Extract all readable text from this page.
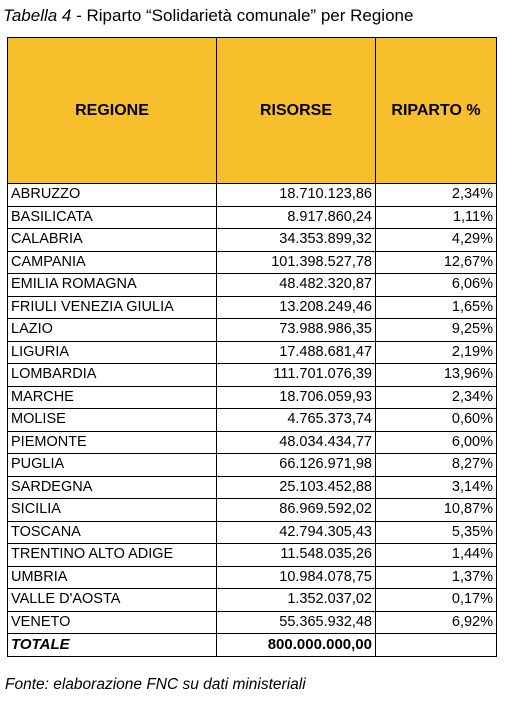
Tabella 4 - Riparto “Solidarietà comunale” per Regione
REGIONE	RISORSE	RIPARTO %
ABRUZZO	18.710.123,86	2,34%
BASILICATA	8.917.860,24	1,11%
CALABRIA	34.353.899,32	4,29%
CAMPANIA	101.398.527,78	12,67%
EMILIA ROMAGNA	48.482.320,87	6,06%
FRIULI VENEZIA GIULIA	13.208.249,46	1,65%
LAZIO	73.988.986,35	9,25%
LIGURIA	17.488.681,47	2,19%
LOMBARDIA	111.701.076,39	13,96%
MARCHE	18.706.059,93	2,34%
MOLISE	4.765.373,74	0,60%
PIEMONTE	48.034.434,77	6,00%
PUGLIA	66.126.971,98	8,27%
SARDEGNA	25.103.452,88	3,14%
SICILIA	86.969.592,02	10,87%
TOSCANA	42.794.305,43	5,35%
TRENTINO ALTO ADIGE	11.548.035,26	1,44%
UMBRIA	10.984.078,75	1,37%
VALLE D'AOSTA	1.352.037,02	0,17%
VENETO	55.365.932,48	6,92%
TOTALE	800.000.000,00	
Fonte: elaborazione FNC su dati ministeriali
